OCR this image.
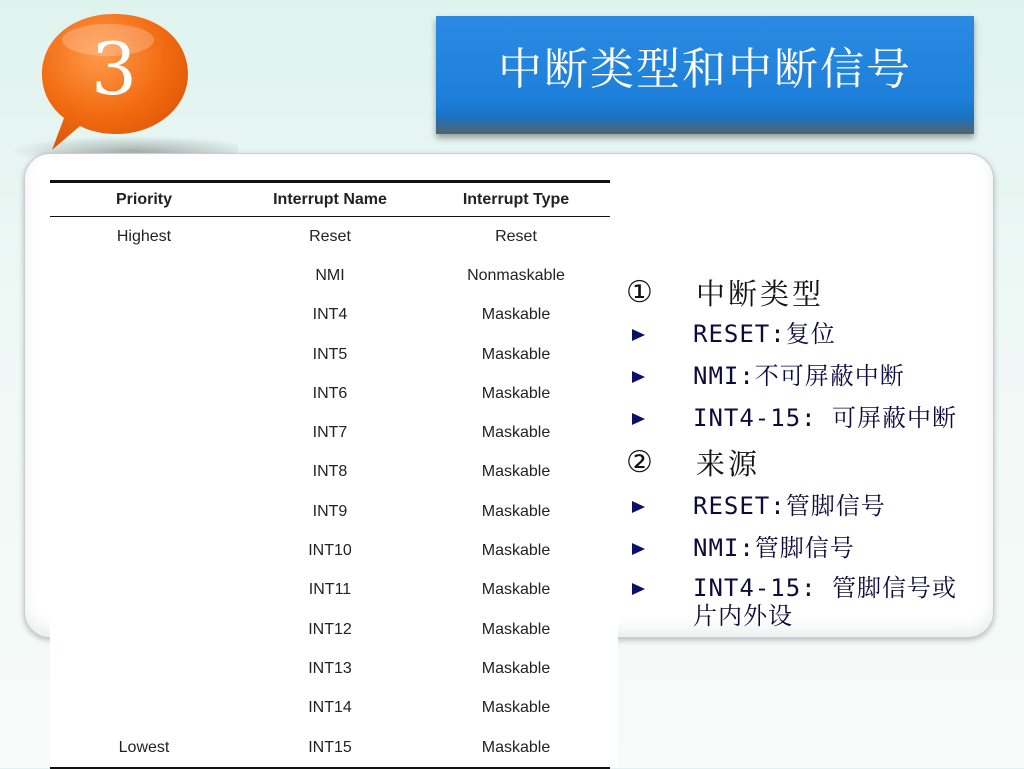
3	中断类型和中断信号
Priority	Interrupt Name	Interrupt Type
Highest	Reset	Reset
	NMI	Nonmaskable
	INT4	Maskable
	INT5	Maskable
	INT6	Maskable
	INT7	Maskable
	INT8	Maskable
	INT9	Maskable
	INT10	Maskable
	INT11	Maskable
	INT12	Maskable
	INT13	Maskable
	INT14	Maskable
Lowest	INT15	Maskable
①	中断类型
RESET:复位
NMI:不可屏蔽中断
INT4-15: 可屏蔽中断
②	来源
RESET:管脚信号
NMI:管脚信号
INT4-15: 管脚信号或片内外设
